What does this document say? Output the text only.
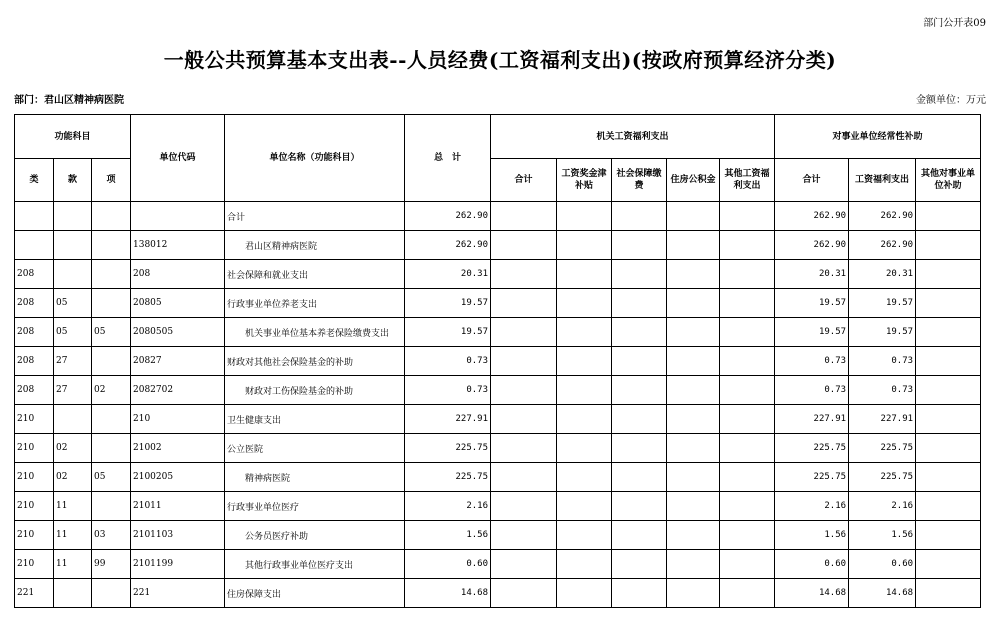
部门公开表09
一般公共预算基本支出表--人员经费(工资福利支出)(按政府预算经济分类)
部门：君山区精神病医院	金额单位：万元
功能科目			单位代码	单位名称（功能科目）	总　计	机关工资福利支出					对事业单位经常性补助		
类	款	项				合计	工资奖金津补贴	社会保障缴费	住房公积金	其他工资福利支出	合计	工资福利支出	其他对事业单位补助
				合计	262.90						262.90	262.90	
			138012	君山区精神病医院	262.90						262.90	262.90	
208			208	社会保障和就业支出	20.31						20.31	20.31	
208	05		20805	行政事业单位养老支出	19.57						19.57	19.57	
208	05	05	2080505	机关事业单位基本养老保险缴费支出	19.57						19.57	19.57	
208	27		20827	财政对其他社会保险基金的补助	0.73						0.73	0.73	
208	27	02	2082702	财政对工伤保险基金的补助	0.73						0.73	0.73	
210			210	卫生健康支出	227.91						227.91	227.91	
210	02		21002	公立医院	225.75						225.75	225.75	
210	02	05	2100205	精神病医院	225.75						225.75	225.75	
210	11		21011	行政事业单位医疗	2.16						2.16	2.16	
210	11	03	2101103	公务员医疗补助	1.56						1.56	1.56	
210	11	99	2101199	其他行政事业单位医疗支出	0.60						0.60	0.60	
221			221	住房保障支出	14.68						14.68	14.68	
